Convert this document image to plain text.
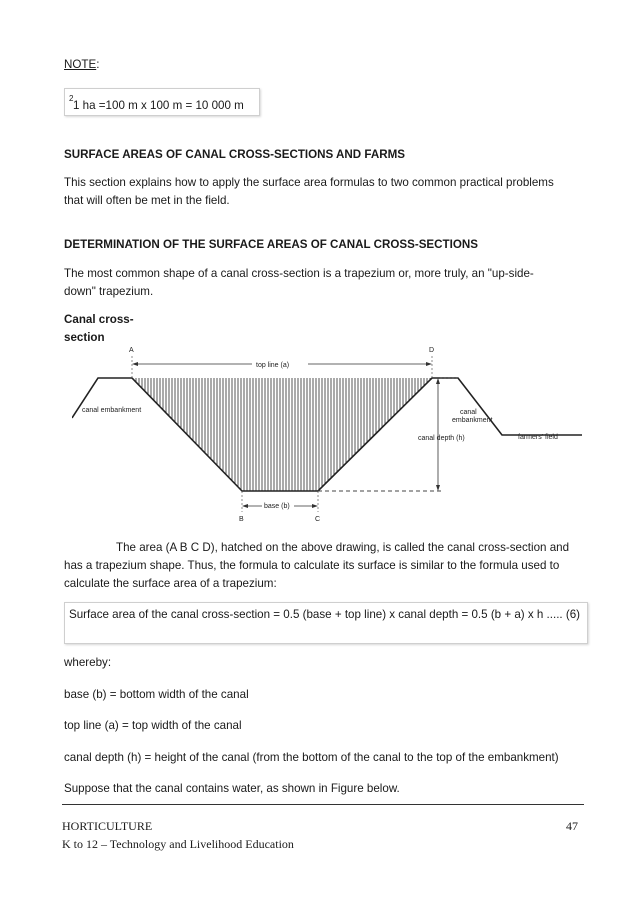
NOTE:
1 ha =100 m x 100 m = 10 000 m
$^2$
SURFACE AREAS OF CANAL CROSS-SECTIONS AND FARMS
This section explains how to apply the surface area formulas to two common practical problems
that will often be met in the field.
DETERMINATION OF THE SURFACE AREAS OF CANAL CROSS-SECTIONS
The most common shape of a canal cross-section is a trapezium or, more truly, an "up-side-
down" trapezium.
Canal cross-
section
top line (a)
A	D
canal depth (h)
canal embankment	canal
embankment
farmers' field
base (b)
B	C
The area (A B C D), hatched on the above drawing, is called the canal cross-section and
has a trapezium shape. Thus, the formula to calculate its surface is similar to the formula used to
calculate the surface area of a trapezium:
Surface area of the canal cross-section = 0.5 (base + top line) x canal depth = 0.5 (b + a) x h ..... (6)
whereby:
base (b) = bottom width of the canal
top line (a) = top width of the canal
canal depth (h) = height of the canal (from the bottom of the canal to the top of the embankment)
Suppose that the canal contains water, as shown in Figure below.
HORTICULTURE	47
K to 12 – Technology and Livelihood Education
